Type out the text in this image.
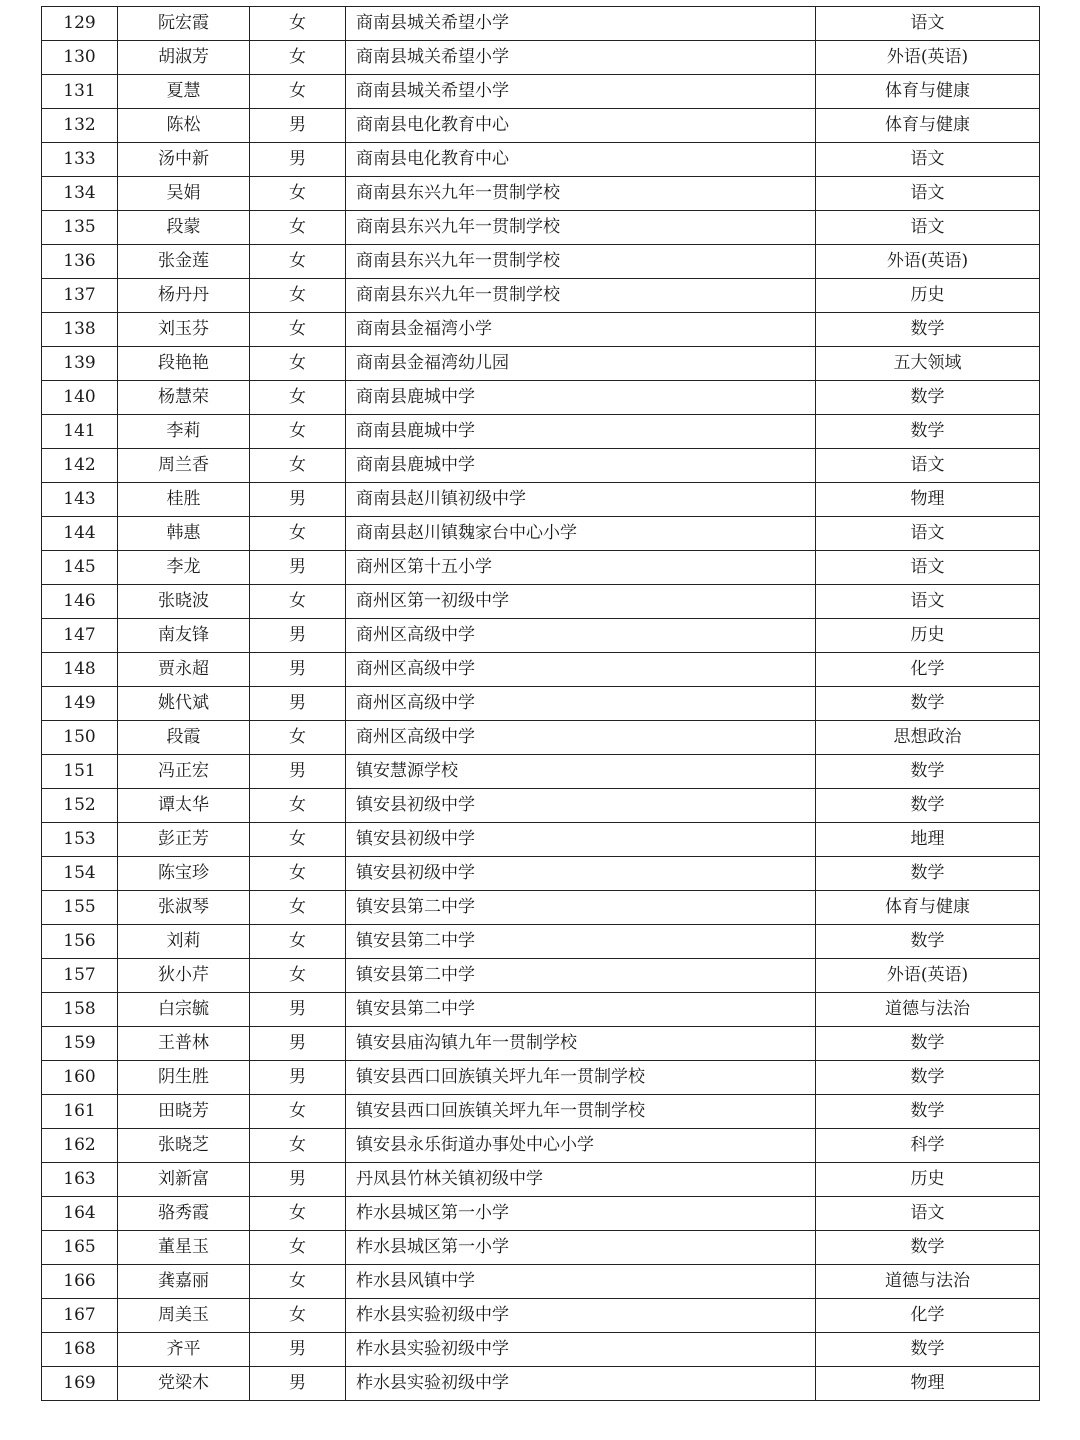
129	阮宏霞	女	商南县城关希望小学	语文
130	胡淑芳	女	商南县城关希望小学	外语(英语)
131	夏慧	女	商南县城关希望小学	体育与健康
132	陈松	男	商南县电化教育中心	体育与健康
133	汤中新	男	商南县电化教育中心	语文
134	吴娟	女	商南县东兴九年一贯制学校	语文
135	段蒙	女	商南县东兴九年一贯制学校	语文
136	张金莲	女	商南县东兴九年一贯制学校	外语(英语)
137	杨丹丹	女	商南县东兴九年一贯制学校	历史
138	刘玉芬	女	商南县金福湾小学	数学
139	段艳艳	女	商南县金福湾幼儿园	五大领域
140	杨慧荣	女	商南县鹿城中学	数学
141	李莉	女	商南县鹿城中学	数学
142	周兰香	女	商南县鹿城中学	语文
143	桂胜	男	商南县赵川镇初级中学	物理
144	韩惠	女	商南县赵川镇魏家台中心小学	语文
145	李龙	男	商州区第十五小学	语文
146	张晓波	女	商州区第一初级中学	语文
147	南友锋	男	商州区高级中学	历史
148	贾永超	男	商州区高级中学	化学
149	姚代斌	男	商州区高级中学	数学
150	段霞	女	商州区高级中学	思想政治
151	冯正宏	男	镇安慧源学校	数学
152	谭太华	女	镇安县初级中学	数学
153	彭正芳	女	镇安县初级中学	地理
154	陈宝珍	女	镇安县初级中学	数学
155	张淑琴	女	镇安县第二中学	体育与健康
156	刘莉	女	镇安县第二中学	数学
157	狄小芹	女	镇安县第二中学	外语(英语)
158	白宗毓	男	镇安县第二中学	道德与法治
159	王普林	男	镇安县庙沟镇九年一贯制学校	数学
160	阴生胜	男	镇安县西口回族镇关坪九年一贯制学校	数学
161	田晓芳	女	镇安县西口回族镇关坪九年一贯制学校	数学
162	张晓芝	女	镇安县永乐街道办事处中心小学	科学
163	刘新富	男	丹凤县竹林关镇初级中学	历史
164	骆秀霞	女	柞水县城区第一小学	语文
165	董星玉	女	柞水县城区第一小学	数学
166	龚嘉丽	女	柞水县风镇中学	道德与法治
167	周美玉	女	柞水县实验初级中学	化学
168	齐平	男	柞水县实验初级中学	数学
169	党梁木	男	柞水县实验初级中学	物理
